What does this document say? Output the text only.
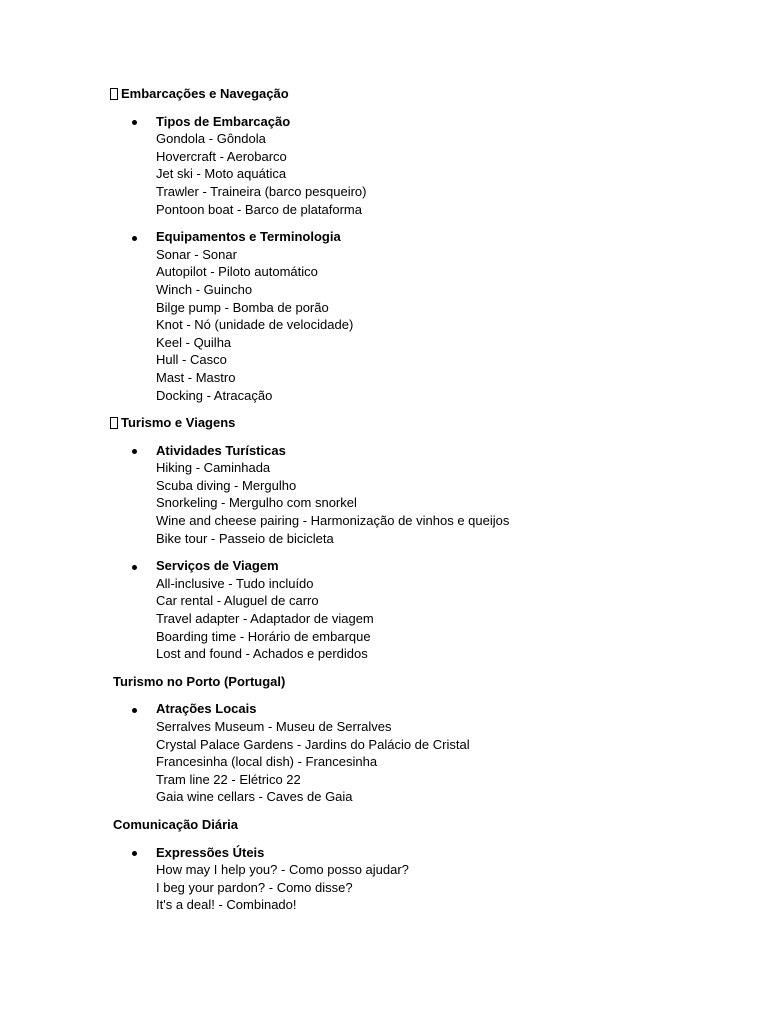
Embarcações e Navegação
Tipos de Embarcação
Gondola - Gôndola
Hovercraft - Aerobarco
Jet ski - Moto aquática
Trawler - Traineira (barco pesqueiro)
Pontoon boat - Barco de plataforma
Equipamentos e Terminologia
Sonar - Sonar
Autopilot - Piloto automático
Winch - Guincho
Bilge pump - Bomba de porão
Knot - Nó (unidade de velocidade)
Keel - Quilha
Hull - Casco
Mast - Mastro
Docking - Atracação
Turismo e Viagens
Atividades Turísticas
Hiking - Caminhada
Scuba diving - Mergulho
Snorkeling - Mergulho com snorkel
Wine and cheese pairing - Harmonização de vinhos e queijos
Bike tour - Passeio de bicicleta
Serviços de Viagem
All-inclusive - Tudo incluído
Car rental - Aluguel de carro
Travel adapter - Adaptador de viagem
Boarding time - Horário de embarque
Lost and found - Achados e perdidos
Turismo no Porto (Portugal)
Atrações Locais
Serralves Museum - Museu de Serralves
Crystal Palace Gardens - Jardins do Palácio de Cristal
Francesinha (local dish) - Francesinha
Tram line 22 - Elétrico 22
Gaia wine cellars - Caves de Gaia
Comunicação Diária
Expressões Úteis
How may I help you? - Como posso ajudar?
I beg your pardon? - Como disse?
It's a deal! - Combinado!
